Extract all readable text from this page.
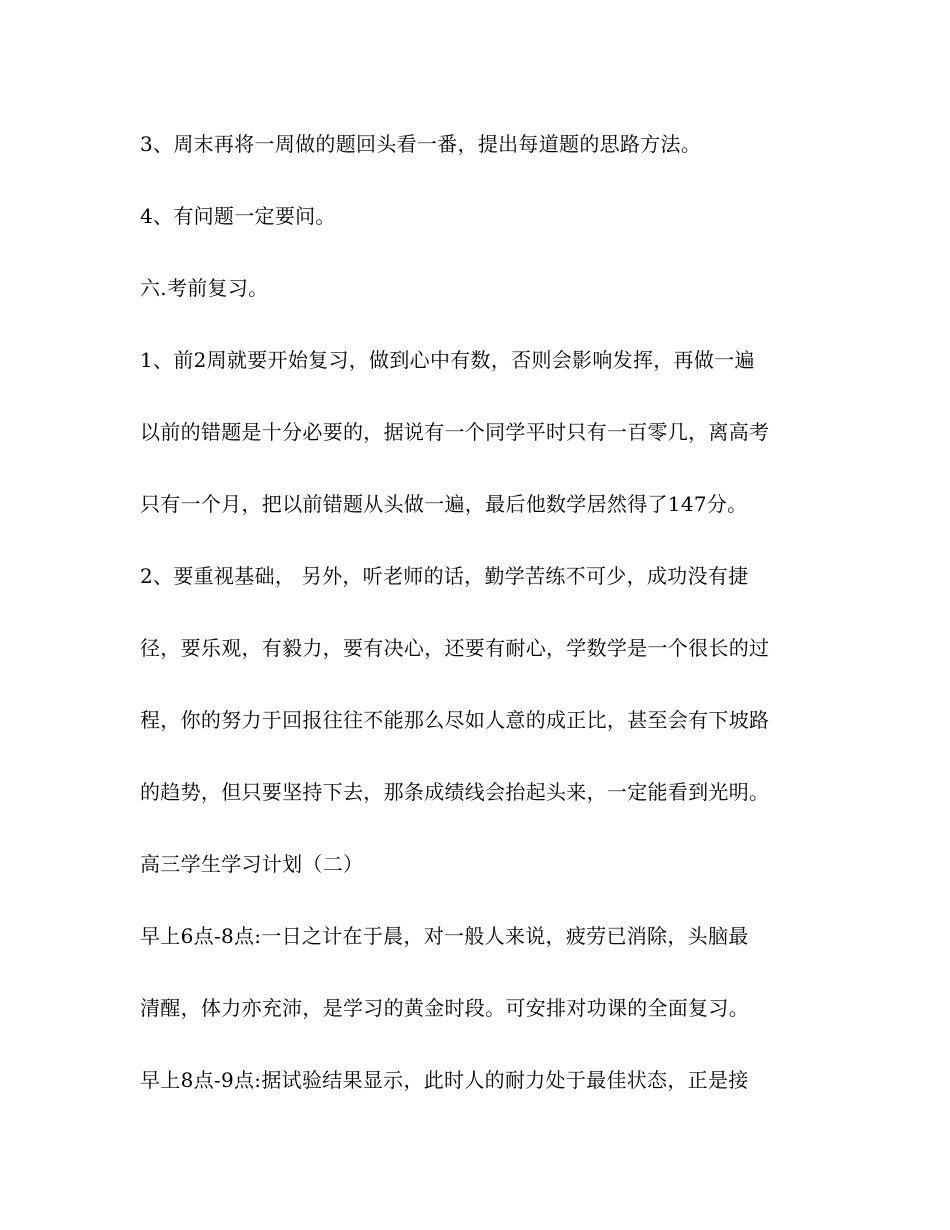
3、周末再将一周做的题回头看一番，提出每道题的思路方法。
4、有问题一定要问。
六.考前复习。
1、前2周就要开始复习，做到心中有数，否则会影响发挥，再做一遍
以前的错题是十分必要的，据说有一个同学平时只有一百零几，离高考
只有一个月，把以前错题从头做一遍，最后他数学居然得了147分。
2、要重视基础， 另外，听老师的话，勤学苦练不可少，成功没有捷
径，要乐观，有毅力，要有决心，还要有耐心，学数学是一个很长的过
程，你的努力于回报往往不能那么尽如人意的成正比，甚至会有下坡路
的趋势，但只要坚持下去，那条成绩线会抬起头来，一定能看到光明。
高三学生学习计划（二）
早上6点-8点:一日之计在于晨，对一般人来说，疲劳已消除，头脑最
清醒，体力亦充沛，是学习的黄金时段。可安排对功课的全面复习。
早上8点-9点:据试验结果显示，此时人的耐力处于最佳状态，正是接
